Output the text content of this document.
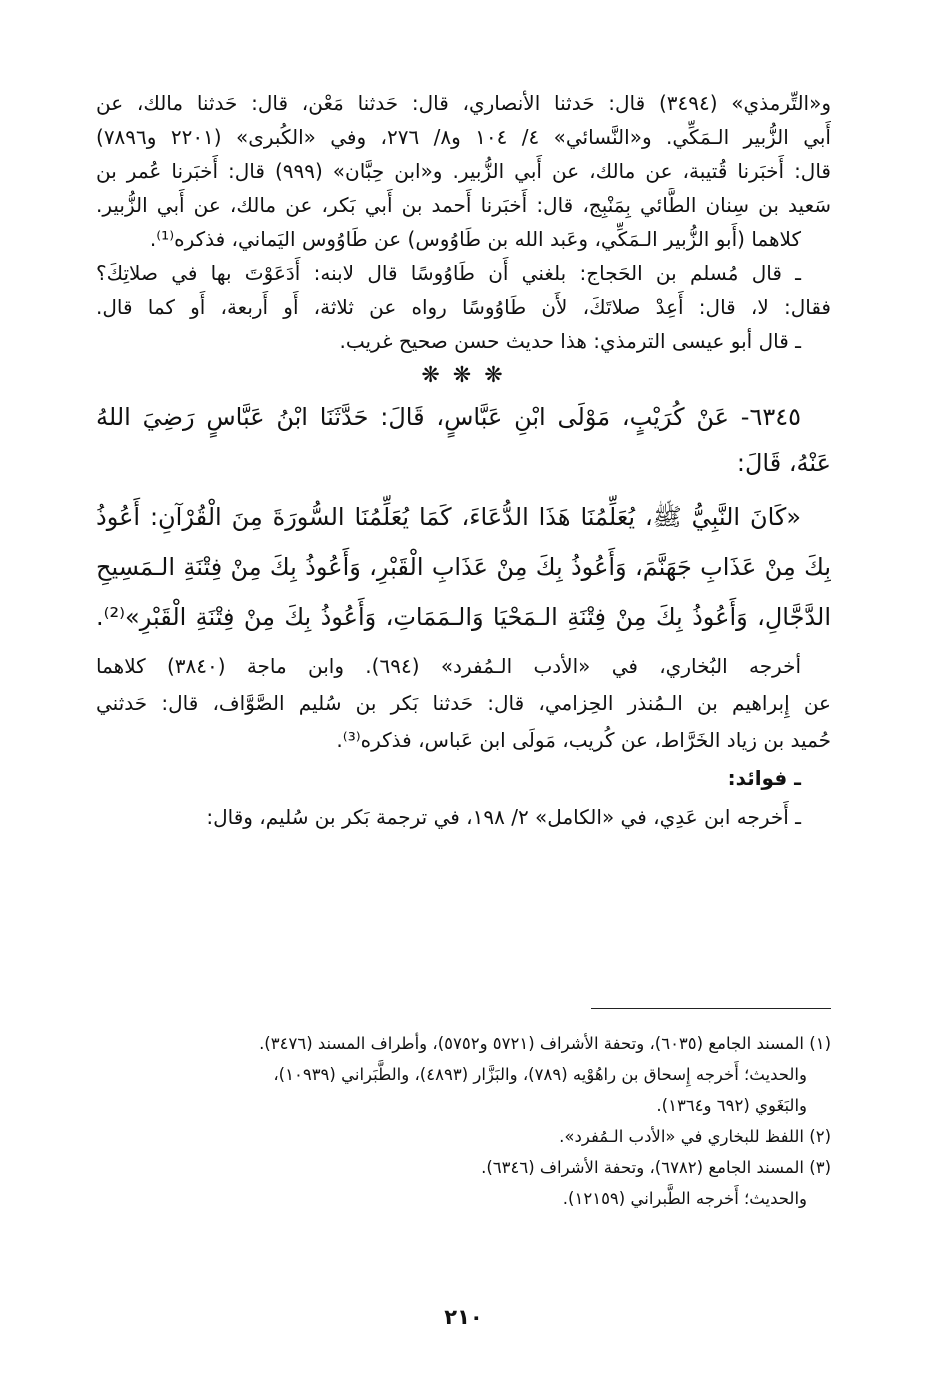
و«التِّرمذي» (٣٤٩٤) قال: حَدثنا الأنصاري، قال: حَدثنا مَعْن، قال: حَدثنا مالك، عن
أَبي الزُّبير الـمَكِّي. و«النَّسائي» ٤/ ١٠٤ و٨/ ٢٧٦، وفي «الكُبرى» (٢٢٠١ و٧٨٩٦)
قال: أَخبَرنا قُتيبة، عن مالك، عن أَبي الزُّبير. و«ابن حِبَّان» (٩٩٩) قال: أَخبَرنا عُمر بن
سَعيد بن سِنان الطَّائي بِمَنْبِج، قال: أَخبَرنا أَحمد بن أَبي بَكر، عن مالك، عن أَبي الزُّبير.
كلاهما (أَبو الزُّبير الـمَكِّي، وعَبد الله بن طَاوُوس) عن طَاوُوس اليَماني، فذكره⁽¹⁾.
ـ قال مُسلم بن الحَجاج: بلغني أَن طَاوُوسًا قال لابنه: أَدَعَوْتَ بها في صلاتِكَ؟
فقال: لا، قال: أَعِدْ صلاتَكَ، لأَن طَاوُوسًا رواه عن ثلاثة، أَو أَربعة، أَو كما قال.
ـ قال أبو عيسى الترمذي: هذا حديث حسن صحيح غريب.
❋ ❋ ❋
٦٣٤٥- عَنْ كُرَيْبٍ، مَوْلَى ابْنِ عَبَّاسٍ، قَالَ: حَدَّثَنَا ابْنُ عَبَّاسٍ رَضِيَ اللهُ
عَنْهُ، قَالَ:
«كَانَ النَّبِيُّ ﷺ، يُعَلِّمُنَا هَذَا الدُّعَاءَ، كَمَا يُعَلِّمُنَا السُّورَةَ مِنَ الْقُرْآنِ: أَعُوذُ
بِكَ مِنْ عَذَابِ جَهَنَّمَ، وَأَعُوذُ بِكَ مِنْ عَذَابِ الْقَبْرِ، وَأَعُوذُ بِكَ مِنْ فِتْنَةِ الـمَسِيحِ
الدَّجَّالِ، وَأَعُوذُ بِكَ مِنْ فِتْنَةِ الـمَحْيَا وَالـمَمَاتِ، وَأَعُوذُ بِكَ مِنْ فِتْنَةِ الْقَبْرِ»⁽²⁾.
أخرجه البُخاري، في «الأدب الـمُفرد» (٦٩٤). وابن ماجة (٣٨٤٠) كلاهما
عن إِبراهيم بن الـمُنذر الحِزامي، قال: حَدثنا بَكر بن سُليم الصَّوَّاف، قال: حَدثني
حُميد بن زياد الخَرَّاط، عن كُريب، مَولَى ابن عَباس، فذكره⁽³⁾.
ـ فوائد:
ـ أَخرجه ابن عَدِي، في «الكامل» ٢/ ١٩٨، في ترجمة بَكر بن سُليم، وقال:
(١) المسند الجامع (٦٠٣٥)، وتحفة الأشراف (٥٧٢١ و٥٧٥٢)، وأطراف المسند (٣٤٧٦).
والحديث؛ أَخرجه إِسحاق بن راهُوْيه (٧٨٩)، والبَزَّار (٤٨٩٣)، والطَّبَراني (١٠٩٣٩)،
والبَغَوي (٦٩٢ و١٣٦٤).
(٢) اللفظ للبخاري في «الأدب الـمُفرد».
(٣) المسند الجامع (٦٧٨٢)، وتحفة الأشراف (٦٣٤٦).
والحديث؛ أَخرجه الطَّبراني (١٢١٥٩).
٢١٠
